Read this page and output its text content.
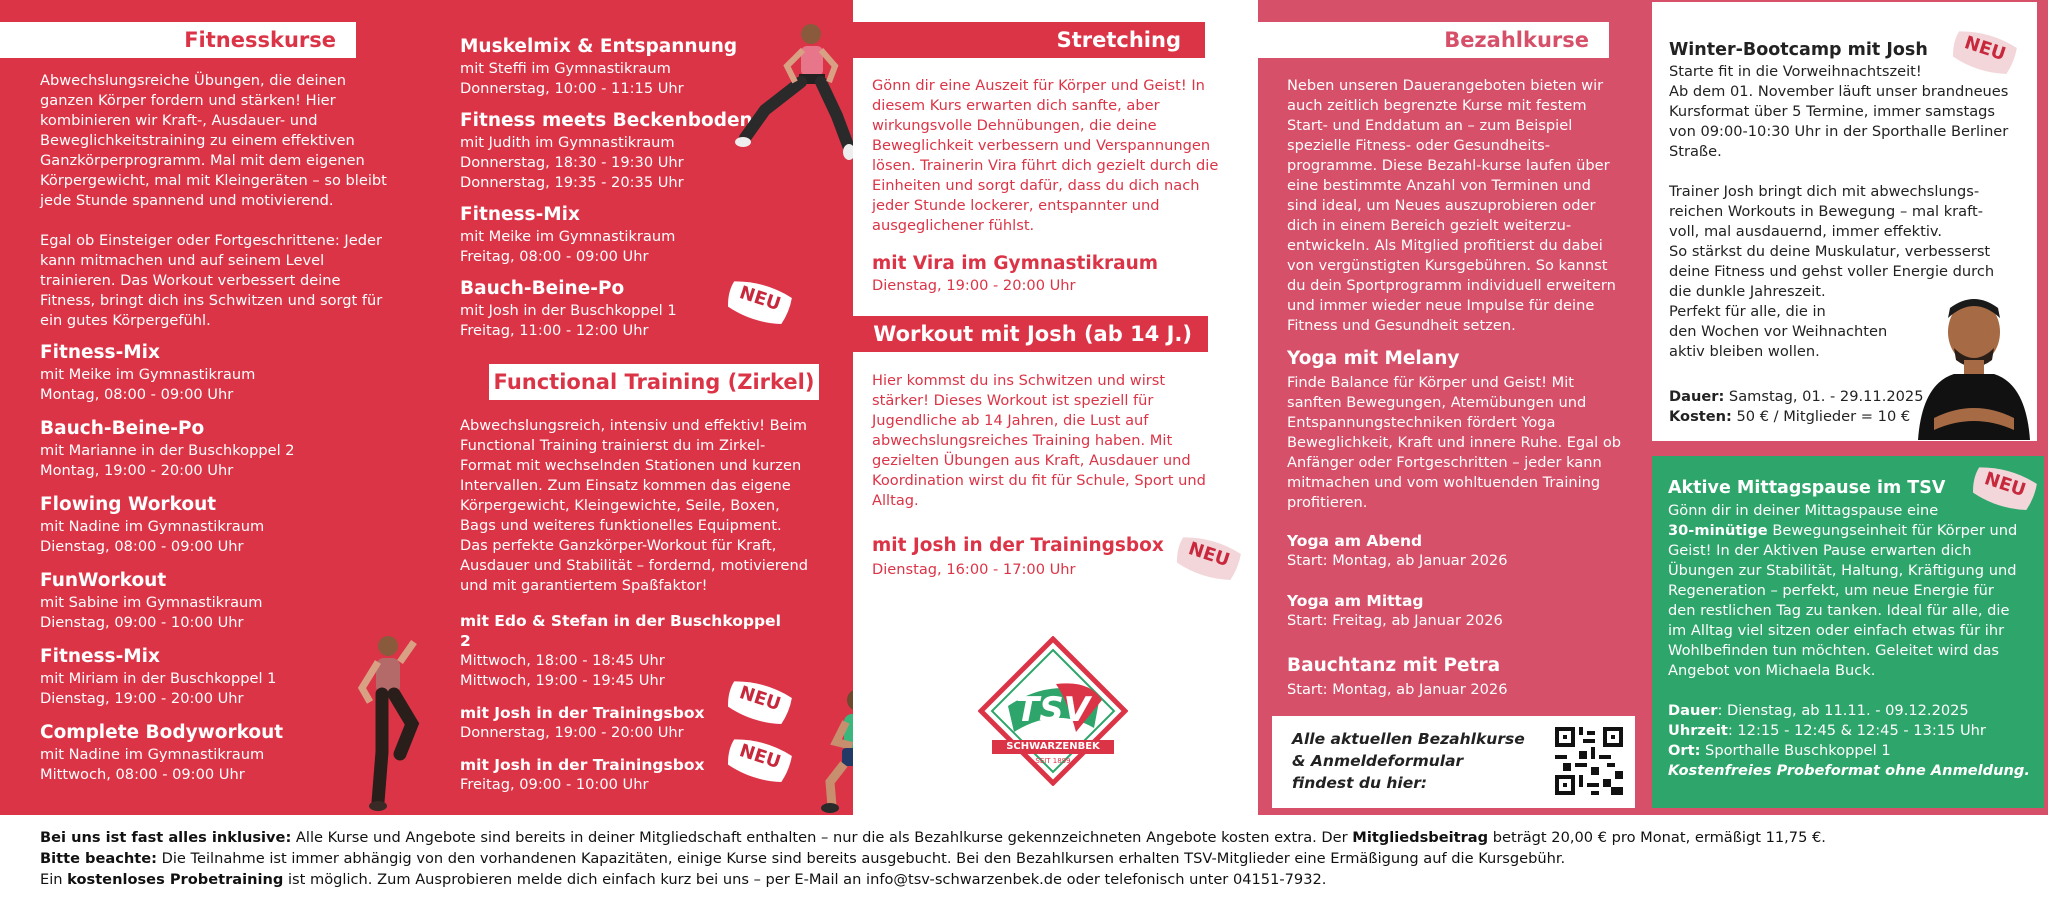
Fitnesskurse
Abwechslungsreiche Übungen, die deinen
ganzen Körper fordern und stärken! Hier
kombinieren wir Kraft-, Ausdauer- und
Beweglichkeitstraining zu einem effektiven
Ganzkörperprogramm. Mal mit dem eigenen
Körpergewicht, mal mit Kleingeräten – so bleibt
jede Stunde spannend und motivierend.
Egal ob Einsteiger oder Fortgeschrittene: Jeder
kann mitmachen und auf seinem Level
trainieren. Das Workout verbessert deine
Fitness, bringt dich ins Schwitzen und sorgt für
ein gutes Körpergefühl.
Fitness-Mix
mit Meike im Gymnastikraum
Montag, 08:00 - 09:00 Uhr
Bauch-Beine-Po
mit Marianne in der Buschkoppel 2
Montag, 19:00 - 20:00 Uhr
Flowing Workout
mit Nadine im Gymnastikraum
Dienstag, 08:00 - 09:00 Uhr
FunWorkout
mit Sabine im Gymnastikraum
Dienstag, 09:00 - 10:00 Uhr
Fitness-Mix
mit Miriam in der Buschkoppel 1
Dienstag, 19:00 - 20:00 Uhr
Complete Bodyworkout
mit Nadine im Gymnastikraum
Mittwoch, 08:00 - 09:00 Uhr
Muskelmix & Entspannung
mit Steffi im Gymnastikraum
Donnerstag, 10:00 - 11:15 Uhr
Fitness meets Beckenboden
mit Judith im Gymnastikraum
Donnerstag, 18:30 - 19:30 Uhr
Donnerstag, 19:35 - 20:35 Uhr
Fitness-Mix
mit Meike im Gymnastikraum
Freitag, 08:00 - 09:00 Uhr
Bauch-Beine-Po
mit Josh in der Buschkoppel 1
Freitag, 11:00 - 12:00 Uhr
Functional Training (Zirkel)
Abwechslungsreich, intensiv und effektiv! Beim
Functional Training trainierst du im Zirkel-
Format mit wechselnden Stationen und kurzen
Intervallen. Zum Einsatz kommen das eigene
Körpergewicht, Kleingewichte, Seile, Boxen,
Bags und weiteres funktionelles Equipment.
Das perfekte Ganzkörper-Workout für Kraft,
Ausdauer und Stabilität – fordernd, motivierend
und mit garantiertem Spaßfaktor!
mit Edo & Stefan in der Buschkoppel 2
Mittwoch, 18:00 - 18:45 Uhr
Mittwoch, 19:00 - 19:45 Uhr
mit Josh in der Trainingsbox
Donnerstag, 19:00 - 20:00 Uhr
mit Josh in der Trainingsbox
Freitag, 09:00 - 10:00 Uhr
NEU
NEU
NEU
Stretching
Gönn dir eine Auszeit für Körper und Geist! In
diesem Kurs erwarten dich sanfte, aber
wirkungsvolle Dehnübungen, die deine
Beweglichkeit verbessern und Verspannungen
lösen. Trainerin Vira führt dich gezielt durch die
Einheiten und sorgt dafür, dass du dich nach
jeder Stunde lockerer, entspannter und
ausgeglichener fühlst.
mit Vira im Gymnastikraum
Dienstag, 19:00 - 20:00 Uhr
Workout mit Josh (ab 14 J.)
Hier kommst du ins Schwitzen und wirst
stärker! Dieses Workout ist speziell für
Jugendliche ab 14 Jahren, die Lust auf
abwechslungsreiches Training haben. Mit
gezielten Übungen aus Kraft, Ausdauer und
Koordination wirst du fit für Schule, Sport und
Alltag.
mit Josh in der Trainingsbox
Dienstag, 16:00 - 17:00 Uhr	NEU
TSV
SCHWARZENBEK
SEIT 1899
Bezahlkurse
Neben unseren Dauerangeboten bieten wir
auch zeitlich begrenzte Kurse mit festem
Start- und Enddatum an – zum Beispiel
spezielle Fitness- oder Gesundheits-
programme. Diese Bezahl-kurse laufen über
eine bestimmte Anzahl von Terminen und
sind ideal, um Neues auszuprobieren oder
dich in einem Bereich gezielt weiterzu-
entwickeln. Als Mitglied profitierst du dabei
von vergünstigten Kursgebühren. So kannst
du dein Sportprogramm individuell erweitern
und immer wieder neue Impulse für deine
Fitness und Gesundheit setzen.
Yoga mit Melany
Finde Balance für Körper und Geist! Mit
sanften Bewegungen, Atemübungen und
Entspannungstechniken fördert Yoga
Beweglichkeit, Kraft und innere Ruhe. Egal ob
Anfänger oder Fortgeschritten – jeder kann
mitmachen und vom wohltuenden Training
profitieren.
Yoga am Abend
Start: Montag, ab Januar 2026
Yoga am Mittag
Start: Freitag, ab Januar 2026
Bauchtanz mit Petra
Start: Montag, ab Januar 2026
Alle aktuellen Bezahlkurse
& Anmeldeformular
findest du hier:
Winter-Bootcamp mit Josh
Starte fit in die Vorweihnachtszeit!
Ab dem 01. November läuft unser brandneues
Kursformat über 5 Termine, immer samstags
von 09:00-10:30 Uhr in der Sporthalle Berliner
Straße.
Trainer Josh bringt dich mit abwechslungs-
reichen Workouts in Bewegung – mal kraft-
voll, mal ausdauernd, immer effektiv.
So stärkst du deine Muskulatur, verbesserst
deine Fitness und gehst voller Energie durch
die dunkle Jahreszeit.
Perfekt für alle, die in
den Wochen vor Weihnachten
aktiv bleiben wollen.
Dauer: Samstag, 01. - 29.11.2025
Kosten: 50 € / Mitglieder = 10 €
NEU
Aktive Mittagspause im TSV
Gönn dir in deiner Mittagspause eine
30-minütige Bewegungseinheit für Körper und
Geist! In der Aktiven Pause erwarten dich
Übungen zur Stabilität, Haltung, Kräftigung und
Regeneration – perfekt, um neue Energie für
den restlichen Tag zu tanken. Ideal für alle, die
im Alltag viel sitzen oder einfach etwas für ihr
Wohlbefinden tun möchten. Geleitet wird das
Angebot von Michaela Buck.
Dauer: Dienstag, ab 11.11. - 09.12.2025
Uhrzeit: 12:15 - 12:45 & 12:45 - 13:15 Uhr
Ort: Sporthalle Buschkoppel 1
Kostenfreies Probeformat ohne Anmeldung.
NEU
Bei uns ist fast alles inklusive: Alle Kurse und Angebote sind bereits in deiner Mitgliedschaft enthalten – nur die als Bezahlkurse gekennzeichneten Angebote kosten extra. Der Mitgliedsbeitrag beträgt 20,00 € pro Monat, ermäßigt 11,75 €.
Bitte beachte: Die Teilnahme ist immer abhängig von den vorhandenen Kapazitäten, einige Kurse sind bereits ausgebucht. Bei den Bezahlkursen erhalten TSV-Mitglieder eine Ermäßigung auf die Kursgebühr.
Ein kostenloses Probetraining ist möglich. Zum Ausprobieren melde dich einfach kurz bei uns – per E-Mail an info@tsv-schwarzenbek.de oder telefonisch unter 04151-7932.
